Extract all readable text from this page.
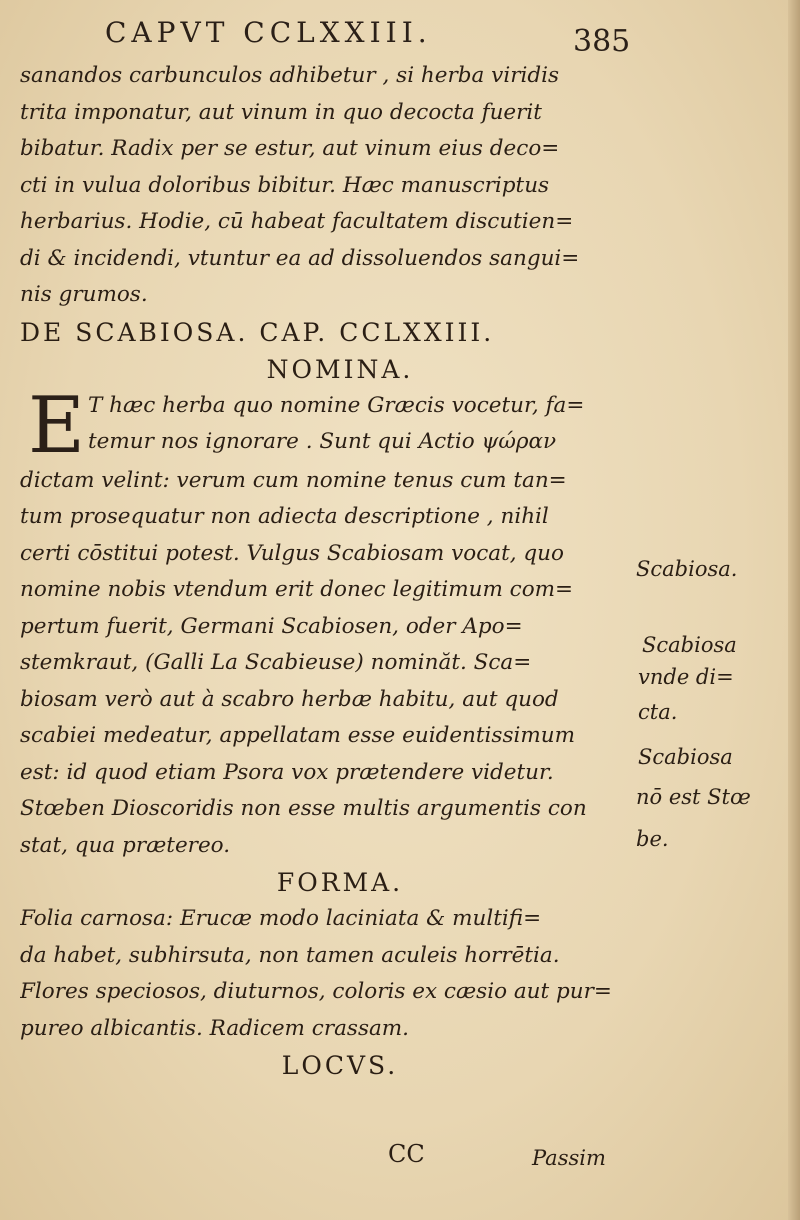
CAPVT CCLXXIII.	385
sanandos carbunculos adhibetur , si herba viridis
trita imponatur, aut vinum in quo decocta fuerit
bibatur. Radix per se estur, aut vinum eius deco=
cti in vulua doloribus bibitur. Hæc manuscriptus
herbarius. Hodie, cū habeat facultatem discutien=
di & incidendi, vtuntur ea ad dissoluendos sangui=
nis grumos.
DE SCABIOSA. CAP. CCLXXIII.
NOMINA.
E T hæc herba quo nomine Græcis vocetur, fa=
temur nos ignorare . Sunt qui Actio ψώραν
dictam velint: verum cum nomine tenus cum tan=
tum prosequatur non adiecta descriptione , nihil
certi cōstitui potest. Vulgus Scabiosam vocat, quo
nomine nobis vtendum erit donec legitimum com=
pertum fuerit, Germani Scabiosen, oder Apo=
stemkraut, (Galli La Scabieuse) nominăt. Sca=
biosam verò aut à scabro herbæ habitu, aut quod
scabiei medeatur, appellatam esse euidentissimum
est: id quod etiam Psora vox prætendere videtur.
Stœben Dioscoridis non esse multis argumentis con
stat, qua prætereo.
FORMA.
Folia carnosa: Erucæ modo laciniata & multifi=
da habet, subhirsuta, non tamen aculeis horrētia.
Flores speciosos, diuturnos, coloris ex cæsio aut pur=
pureo albicantis. Radicem crassam.
LOCVS.
Scabiosa.
Scabiosa
vnde di=
cta.
Scabiosa
nō est Stœ
be.
CC	Passim
